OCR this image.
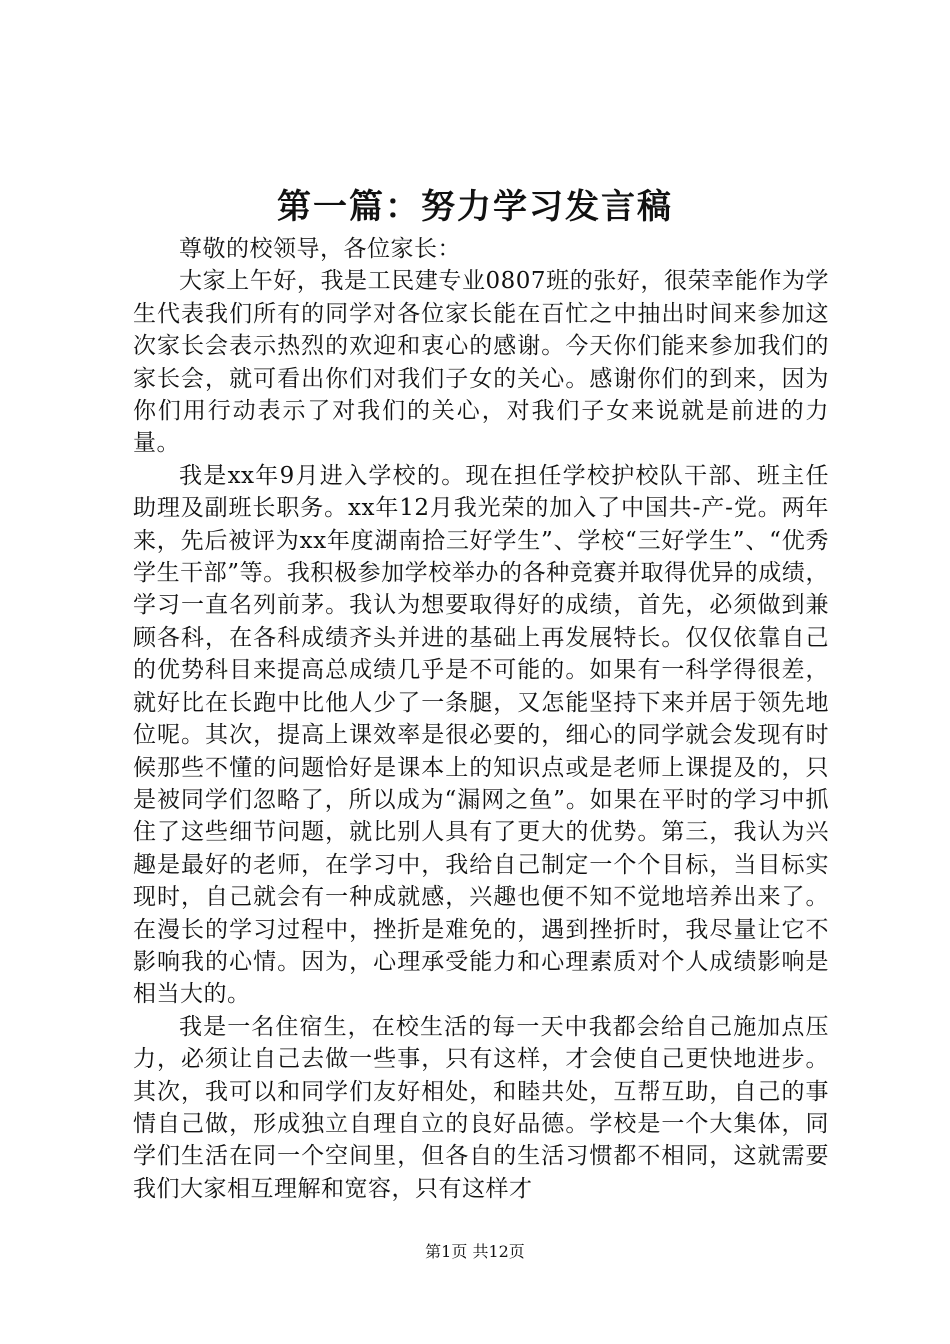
第一篇：努力学习发言稿

尊敬的校领导，各位家长：

大家上午好，我是工民建专业0807班的张好，很荣幸能作为学生代表我们所有的同学对各位家长能在百忙之中抽出时间来参加这次家长会表示热烈的欢迎和衷心的感谢。今天你们能来参加我们的家长会，就可看出你们对我们子女的关心。感谢你们的到来，因为你们用行动表示了对我们的关心，对我们子女来说就是前进的力量。

我是xx年9月进入学校的。现在担任学校护校队干部、班主任助理及副班长职务。xx年12月我光荣的加入了中国共-产-党。两年来，先后被评为xx年度湖南拾三好学生”、学校“三好学生”、“优秀学生干部”等。我积极参加学校举办的各种竞赛并取得优异的成绩，学习一直名列前茅。我认为想要取得好的成绩，首先，必须做到兼顾各科，在各科成绩齐头并进的基础上再发展特长。仅仅依靠自己的优势科目来提高总成绩几乎是不可能的。如果有一科学得很差，就好比在长跑中比他人少了一条腿，又怎能坚持下来并居于领先地位呢。其次，提高上课效率是很必要的，细心的同学就会发现有时候那些不懂的问题恰好是课本上的知识点或是老师上课提及的，只是被同学们忽略了，所以成为“漏网之鱼”。如果在平时的学习中抓住了这些细节问题，就比别人具有了更大的优势。第三，我认为兴趣是最好的老师，在学习中，我给自己制定一个个目标，当目标实现时，自己就会有一种成就感，兴趣也便不知不觉地培养出来了。在漫长的学习过程中，挫折是难免的，遇到挫折时，我尽量让它不影响我的心情。因为，心理承受能力和心理素质对个人成绩影响是相当大的。

我是一名住宿生，在校生活的每一天中我都会给自己施加点压力，必须让自己去做一些事，只有这样，才会使自己更快地进步。其次，我可以和同学们友好相处，和睦共处，互帮互助，自己的事情自己做，形成独立自理自立的良好品德。学校是一个大集体，同学们生活在同一个空间里，但各自的生活习惯都不相同，这就需要我们大家相互理解和宽容，只有这样才

第1页 共12页
